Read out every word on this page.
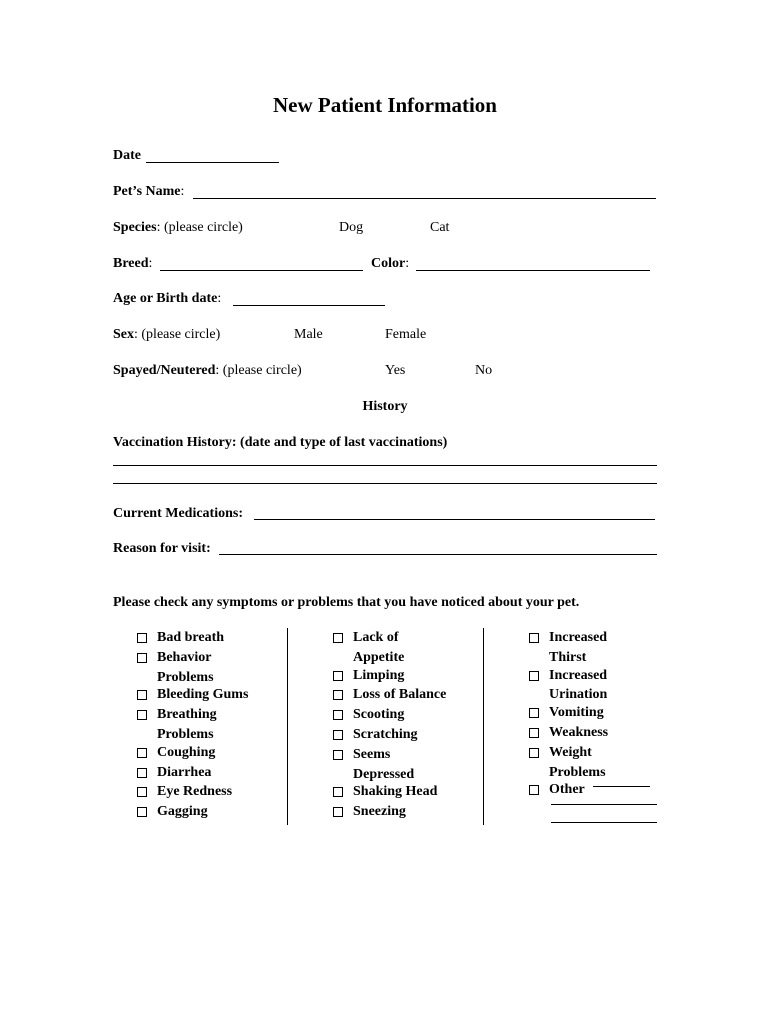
New Patient Information
Date
Pet’s Name:
Species: (please circle)	Dog	Cat
Breed:	Color:
Age or Birth date:
Sex: (please circle)	Male	Female
Spayed/Neutered: (please circle)	Yes	No
History
Vaccination History: (date and type of last vaccinations)
Current Medications:
Reason for visit:
Please check any symptoms or problems that you have noticed about your pet.
Bad breath
Behavior
Problems
Bleeding Gums
Breathing
Problems
Coughing
Diarrhea
Eye Redness
Gagging
Lack of
Appetite
Limping
Loss of Balance
Scooting
Scratching
Seems
Depressed
Shaking Head
Sneezing
Increased
Thirst
Increased
Urination
Vomiting
Weakness
Weight
Problems
Other
